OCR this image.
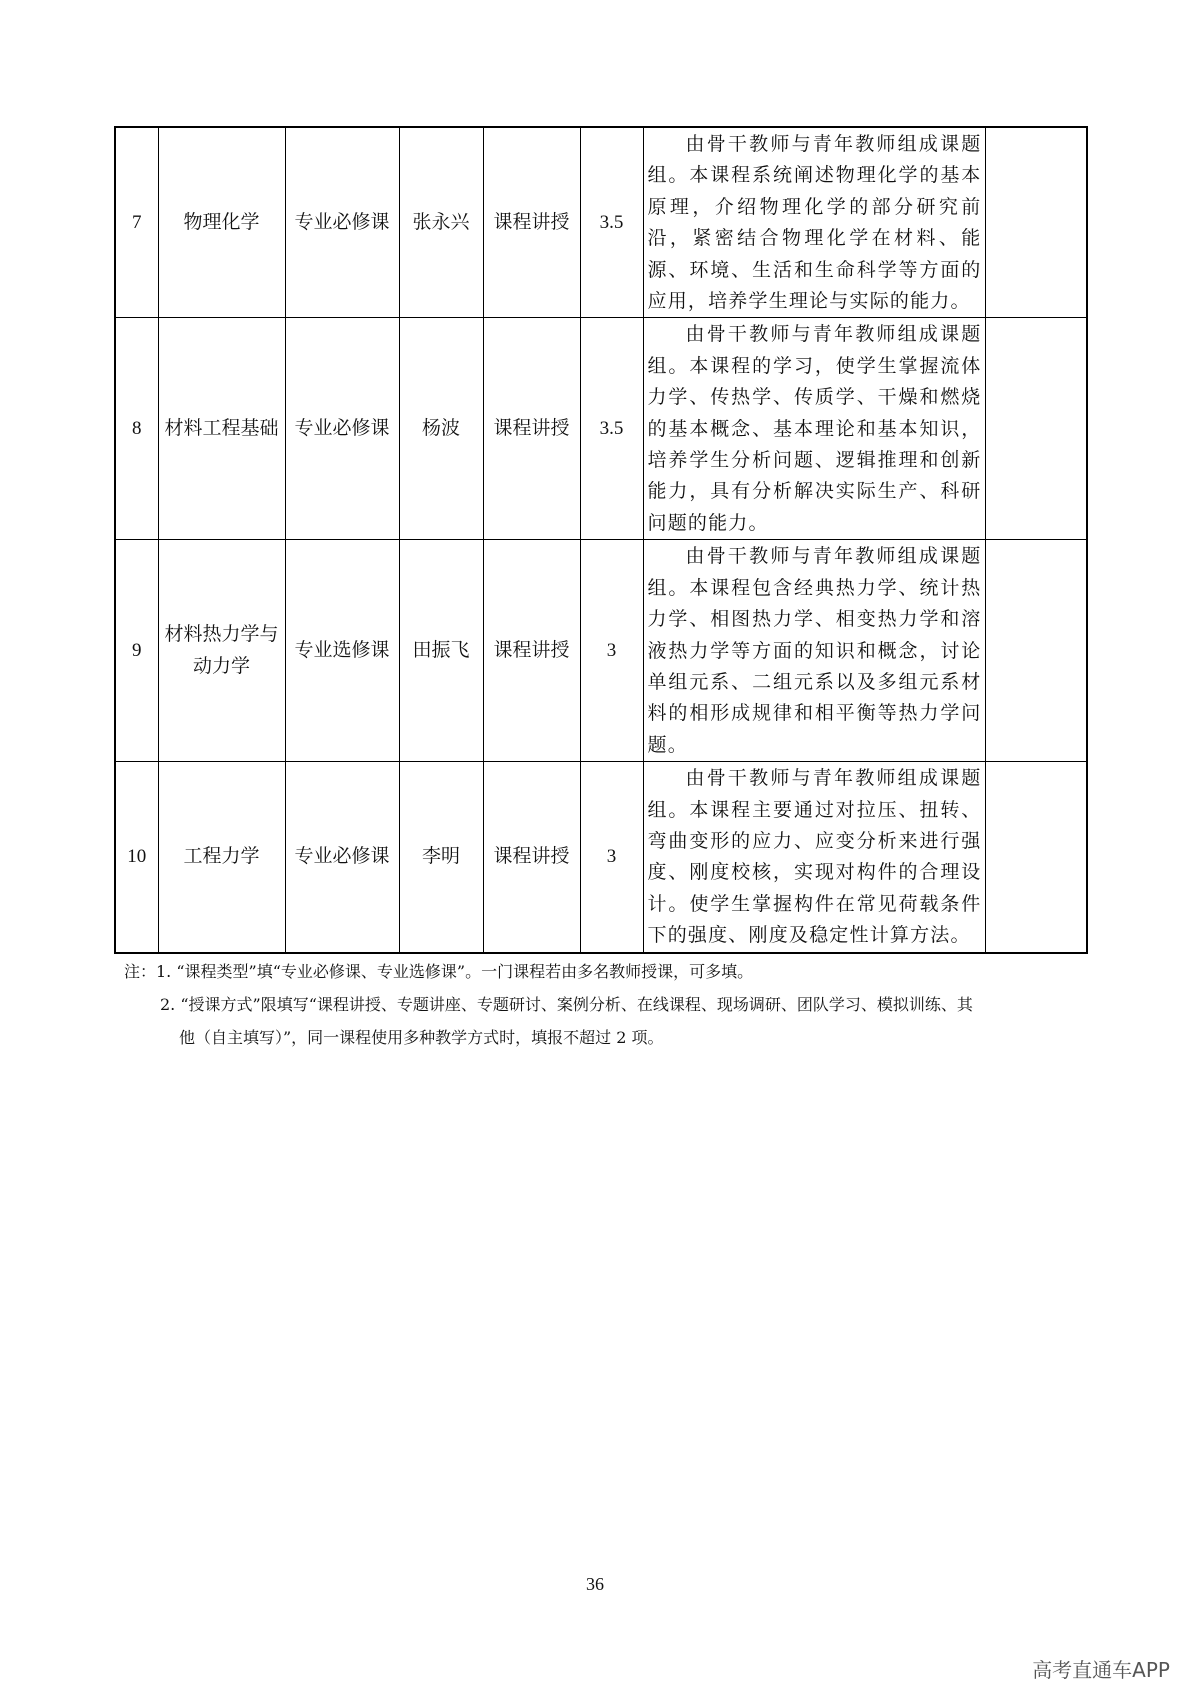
7	物理化学	专业必修课	张永兴	课程讲授	3.5	由骨干教师与青年教师组成课题组。本课程系统阐述物理化学的基本原理，介绍物理化学的部分研究前沿，紧密结合物理化学在材料、能源、环境、生活和生命科学等方面的应用，培养学生理论与实际的能力。	
8	材料工程基础	专业必修课	杨波	课程讲授	3.5	由骨干教师与青年教师组成课题组。本课程的学习，使学生掌握流体力学、传热学、传质学、干燥和燃烧的基本概念、基本理论和基本知识，培养学生分析问题、逻辑推理和创新能力，具有分析解决实际生产、科研问题的能力。	
9	材料热力学与动力学	专业选修课	田振飞	课程讲授	3	由骨干教师与青年教师组成课题组。本课程包含经典热力学、统计热力学、相图热力学、相变热力学和溶液热力学等方面的知识和概念，讨论单组元系、二组元系以及多组元系材料的相形成规律和相平衡等热力学问题。	
10	工程力学	专业必修课	李明	课程讲授	3	由骨干教师与青年教师组成课题组。本课程主要通过对拉压、扭转、弯曲变形的应力、应变分析来进行强度、刚度校核，实现对构件的合理设计。使学生掌握构件在常见荷载条件下的强度、刚度及稳定性计算方法。	

注：1. “课程类型”填“专业必修课、专业选修课”。一门课程若由多名教师授课，可多填。

2. “授课方式”限填写“课程讲授、专题讲座、专题研讨、案例分析、在线课程、现场调研、团队学习、模拟训练、其

他（自主填写）”，同一课程使用多种教学方式时，填报不超过 2 项。

36
高考直通车APP
